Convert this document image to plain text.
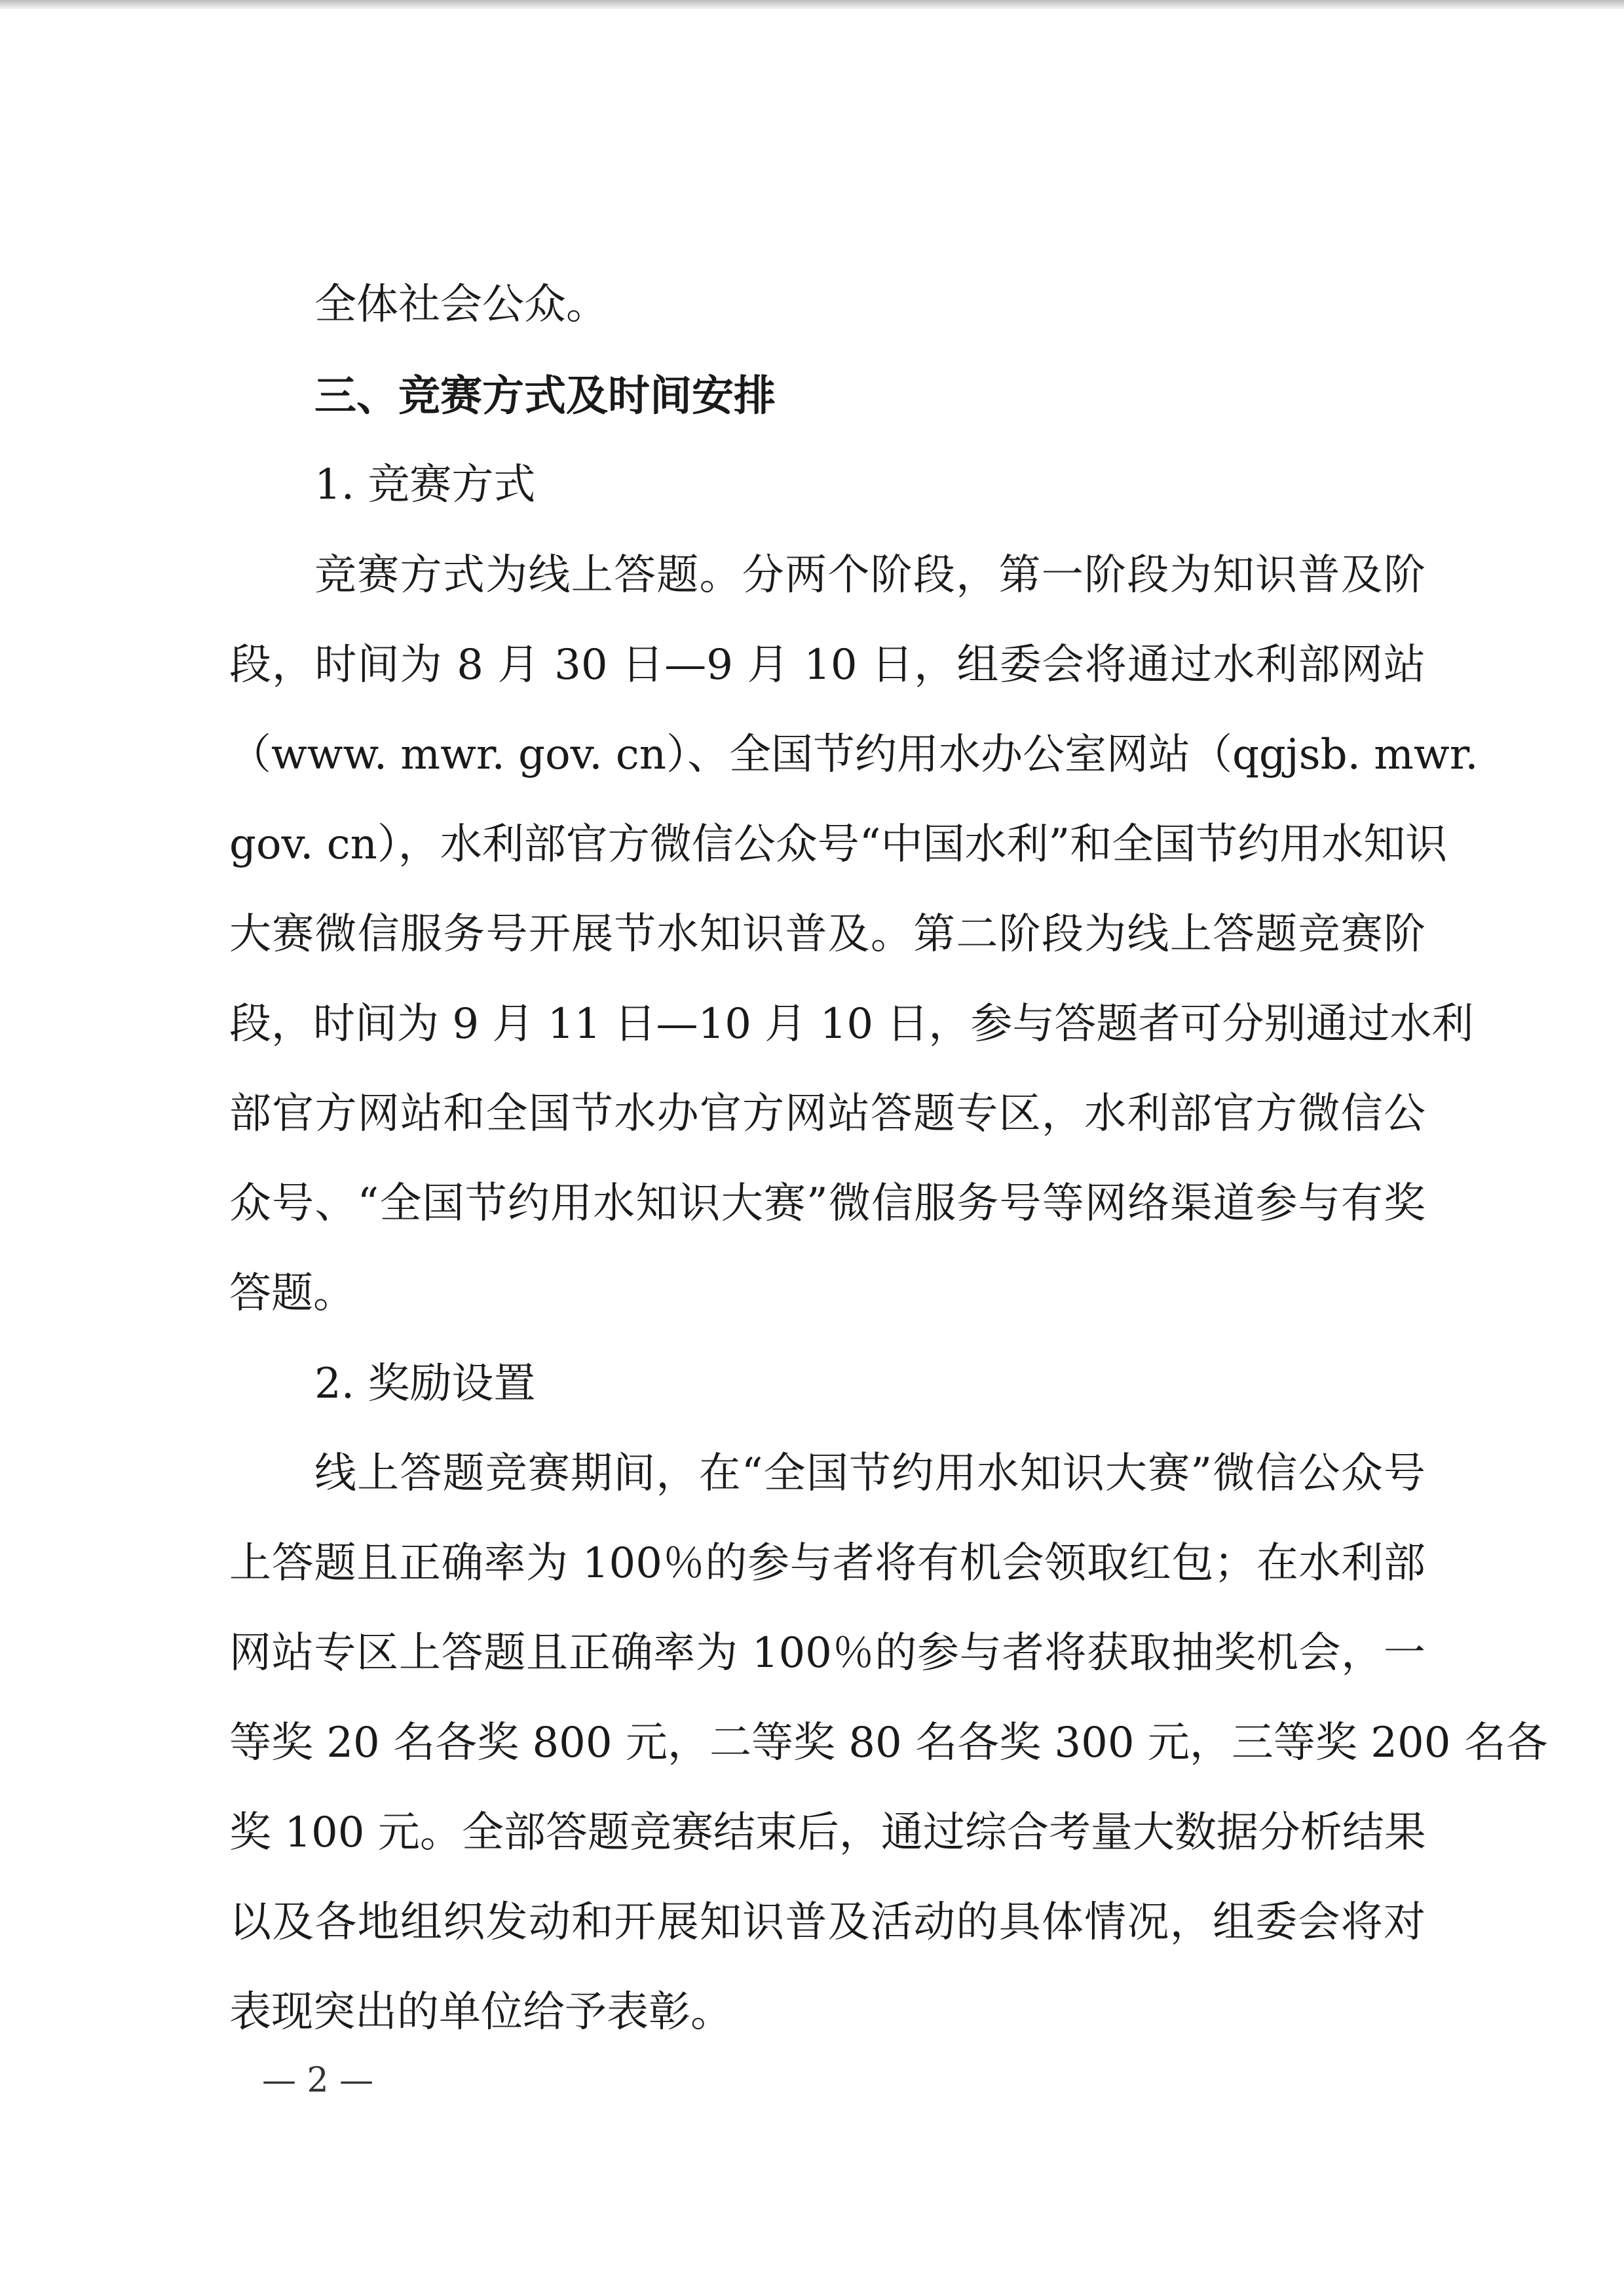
全体社会公众。
三、竞赛方式及时间安排
1. 竞赛方式
竞赛方式为线上答题。分两个阶段，第一阶段为知识普及阶
段，时间为 8 月 30 日—9 月 10 日，组委会将通过水利部网站
（www. mwr. gov. cn）、全国节约用水办公室网站（qgjsb. mwr.
gov. cn），水利部官方微信公众号“中国水利”和全国节约用水知识
大赛微信服务号开展节水知识普及。第二阶段为线上答题竞赛阶
段，时间为 9 月 11 日—10 月 10 日，参与答题者可分别通过水利
部官方网站和全国节水办官方网站答题专区，水利部官方微信公
众号、“全国节约用水知识大赛”微信服务号等网络渠道参与有奖
答题。
2. 奖励设置
线上答题竞赛期间，在“全国节约用水知识大赛”微信公众号
上答题且正确率为 100％的参与者将有机会领取红包；在水利部
网站专区上答题且正确率为 100％的参与者将获取抽奖机会，一
等奖 20 名各奖 800 元，二等奖 80 名各奖 300 元，三等奖 200 名各
奖 100 元。全部答题竞赛结束后，通过综合考量大数据分析结果
以及各地组织发动和开展知识普及活动的具体情况，组委会将对
表现突出的单位给予表彰。
— 2 —
